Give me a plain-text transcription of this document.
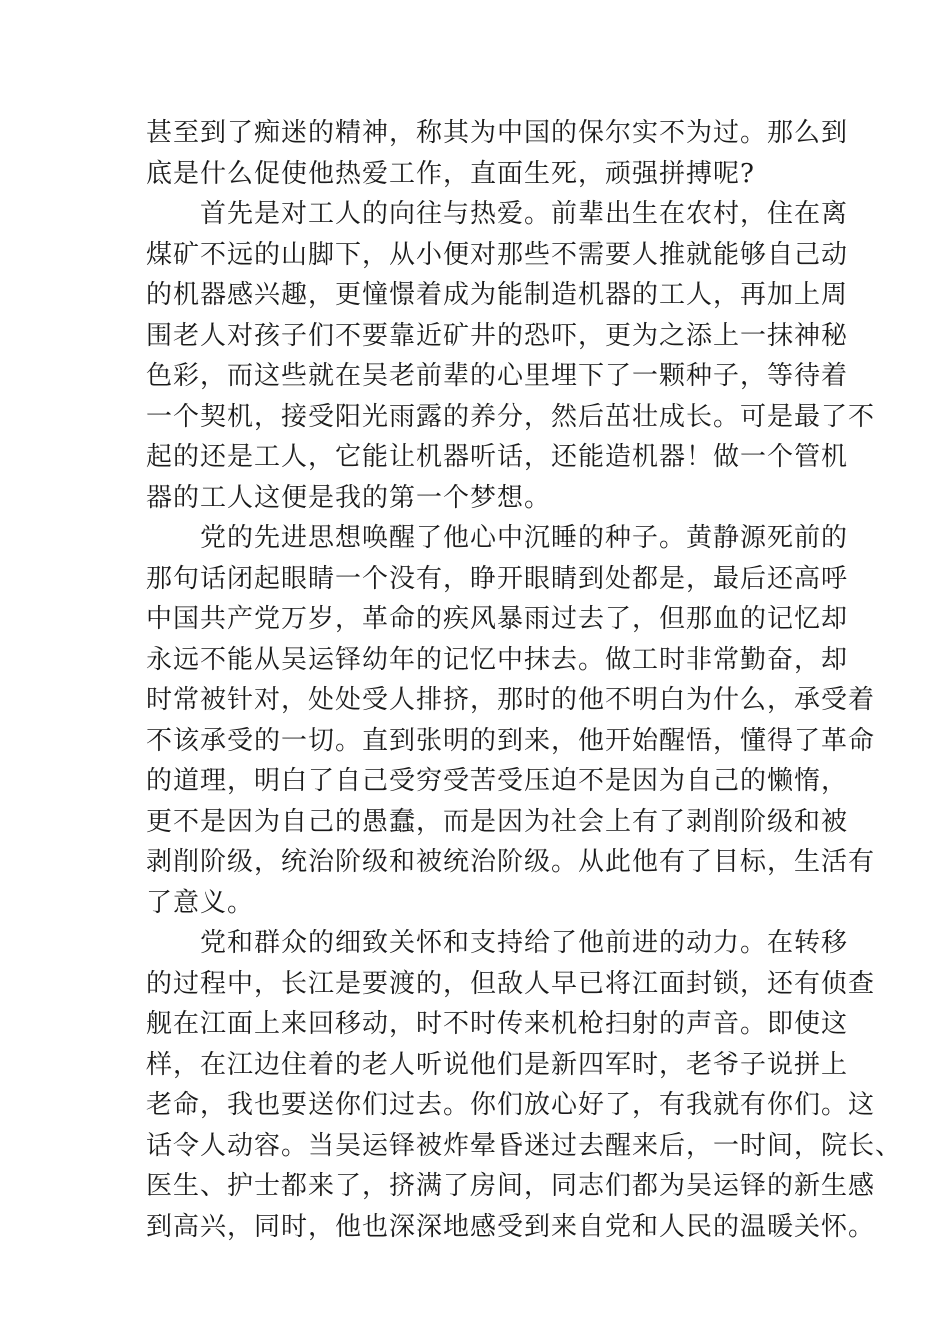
甚至到了痴迷的精神，称其为中国的保尔实不为过。那么到
底是什么促使他热爱工作，直面生死，顽强拼搏呢?
首先是对工人的向往与热爱。前辈出生在农村，住在离
煤矿不远的山脚下，从小便对那些不需要人推就能够自己动
的机器感兴趣，更憧憬着成为能制造机器的工人，再加上周
围老人对孩子们不要靠近矿井的恐吓，更为之添上一抹神秘
色彩，而这些就在吴老前辈的心里埋下了一颗种子，等待着
一个契机，接受阳光雨露的养分，然后茁壮成长。可是最了不
起的还是工人，它能让机器听话，还能造机器！做一个管机
器的工人这便是我的第一个梦想。
党的先进思想唤醒了他心中沉睡的种子。黄静源死前的
那句话闭起眼睛一个没有，睁开眼睛到处都是，最后还高呼
中国共产党万岁，革命的疾风暴雨过去了，但那血的记忆却
永远不能从吴运铎幼年的记忆中抹去。做工时非常勤奋，却
时常被针对，处处受人排挤，那时的他不明白为什么，承受着
不该承受的一切。直到张明的到来，他开始醒悟，懂得了革命
的道理，明白了自己受穷受苦受压迫不是因为自己的懒惰，
更不是因为自己的愚蠢，而是因为社会上有了剥削阶级和被
剥削阶级，统治阶级和被统治阶级。从此他有了目标，生活有
了意义。
党和群众的细致关怀和支持给了他前进的动力。在转移
的过程中，长江是要渡的，但敌人早已将江面封锁，还有侦查
舰在江面上来回移动，时不时传来机枪扫射的声音。即使这
样，在江边住着的老人听说他们是新四军时，老爷子说拼上
老命，我也要送你们过去。你们放心好了，有我就有你们。这
话令人动容。当吴运铎被炸晕昏迷过去醒来后，一时间，院长、
医生、护士都来了，挤满了房间，同志们都为吴运铎的新生感
到高兴，同时，他也深深地感受到来自党和人民的温暖关怀。
